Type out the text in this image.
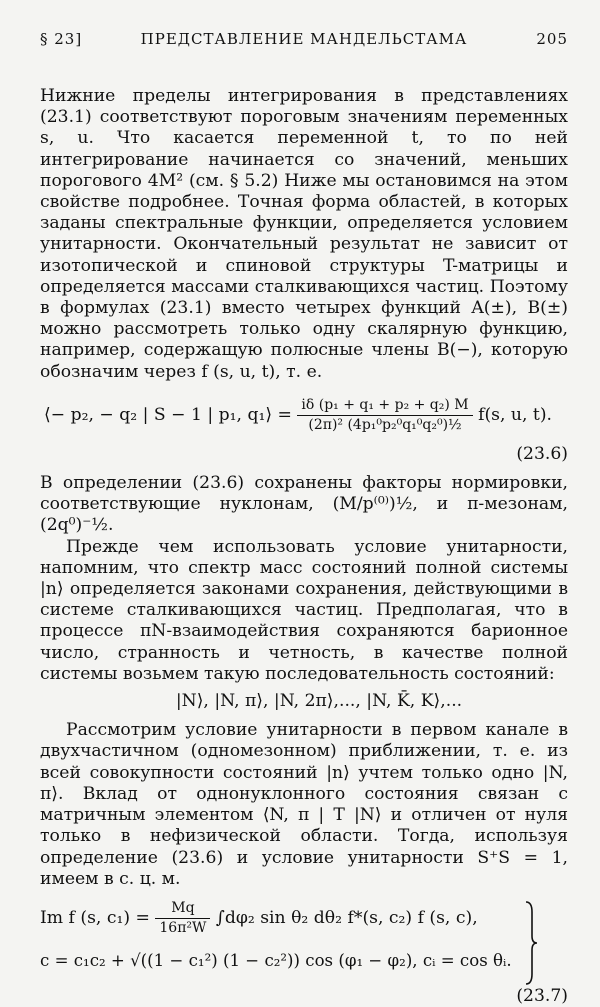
§ 23]	ПРЕДСТАВЛЕНИЕ МАНДЕЛЬСТАМА	205

Нижние пределы интегрирования в представлениях (23.1) соответствуют пороговым значениям переменных s, u. Что касается переменной t, то по ней интегрирование начинается со значений, меньших порогового 4M² (см. § 5.2) Ниже мы остановимся на этом свойстве подробнее. Точная форма областей, в которых заданы спектральные функции, определяется условием унитарности. Окончательный результат не зависит от изотопической и спиновой структуры T-матрицы и определяется массами сталкивающихся частиц. Поэтому в формулах (23.1) вместо четырех функций A(±), B(±) можно рассмотреть только одну скалярную функцию, например, содержащую полюсные члены B(−), которую обозначим через f (s, u, t), т. е.

⟨− p₂, − q₂ | S − 1 | p₁, q₁⟩ = $\frac{\text{iδ (p₁ + q₁ + p₂ + q₂) M}}{\text{(2π)² (4p₁⁰p₂⁰q₁⁰q₂⁰)½}} f(s$, u, t).
(23.6)

В определении (23.6) сохранены факторы нормировки, соответствующие нуклонам, (M/p⁽⁰⁾)½, и π-мезонам, (2q⁰)⁻½.

Прежде чем использовать условие унитарности, напомним, что спектр масс состояний полной системы |n⟩ определяется законами сохранения, действующими в системе сталкивающихся частиц. Предполагая, что в процессе πN-взаимодействия сохраняются барионное число, странность и четность, в качестве полной системы возьмем такую последовательность состояний:

|N⟩, |N, π⟩, |N, 2π⟩,..., |N, K̄, K⟩,...

Рассмотрим условие унитарности в первом канале в двухчастичном (одномезонном) приближении, т. е. из всей совокупности состояний |n⟩ учтем только одно |N, π⟩. Вклад от однонуклонного состояния связан с матричным элементом ⟨N, π | T |N⟩ и отличен от нуля только в нефизической области. Тогда, используя определение (23.6) и условие унитарности S⁺S = 1, имеем в с. ц. м.

Im f (s, $c_1) = \frac{Mq}{\text{16π²W}} \int d\varphi_2$ sin θ₂ dθ₂ f*(s, c₂) f (s, c),
c = c₁c₂ + √((1 − c₁²) (1 − c₂²)) cos (φ₁ − φ₂), cᵢ = cos θᵢ.
(23.7)
